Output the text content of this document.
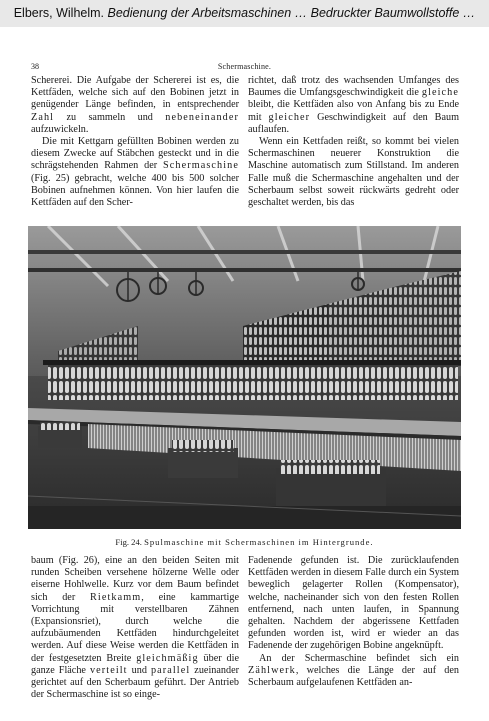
Elbers, Wilhelm. Bedienung der Arbeitsmaschinen … Bedruckter Baumwollstoffe …
38	Schermaschine.

Schererei. Die Aufgabe der Schererei ist es, die Kettfäden, welche sich auf den Bobinen jetzt in genügender Länge befinden, in entsprechender Zahl zu sammeln und nebeneinander aufzuwickeln.

Die mit Kettgarn gefüllten Bobinen werden zu diesem Zwecke auf Stäbchen gesteckt und in die schrägstehenden Rahmen der Schermaschine (Fig. 25) gebracht, welche 400 bis 500 solcher Bobinen aufnehmen können. Von hier laufen die Kettfäden auf den Scher-

richtet, daß trotz des wachsenden Umfanges des Baumes die Umfangsgeschwindigkeit die gleiche bleibt, die Kettfäden also von Anfang bis zu Ende mit gleicher Geschwindigkeit auf den Baum auflaufen.

Wenn ein Kettfaden reißt, so kommt bei vielen Schermaschinen neuerer Konstruktion die Maschine automatisch zum Stillstand. Im anderen Falle muß die Schermaschine angehalten und der Scherbaum selbst soweit rückwärts gedreht oder geschaltet werden, bis das

Fig. 24. Spulmaschine mit Schermaschinen im Hintergrunde.

baum (Fig. 26), eine an den beiden Seiten mit runden Scheiben versehene hölzerne Welle oder eiserne Hohlwelle. Kurz vor dem Baum befindet sich der Rietkamm, eine kammartige Vorrichtung mit verstellbaren Zähnen (Expansionsriet), durch welche die aufzubäumenden Kettfäden hindurchgeleitet werden. Auf diese Weise werden die Kettfäden in der festgesetzten Breite gleichmäßig über die ganze Fläche verteilt und parallel zueinander gerichtet auf den Scherbaum geführt. Der Antrieb der Schermaschine ist so einge-

Fadenende gefunden ist. Die zurücklaufenden Kettfäden werden in diesem Falle durch ein System beweglich gelagerter Rollen (Kompensator), welche, nacheinander sich von den festen Rollen entfernend, nach unten laufen, in Spannung gehalten. Nachdem der abgerissene Kettfaden gefunden worden ist, wird er wieder an das Fadenende der zugehörigen Bobine angeknüpft.

An der Schermaschine befindet sich ein Zählwerk, welches die Länge der auf den Scherbaum aufgelaufenen Kettfäden an-
